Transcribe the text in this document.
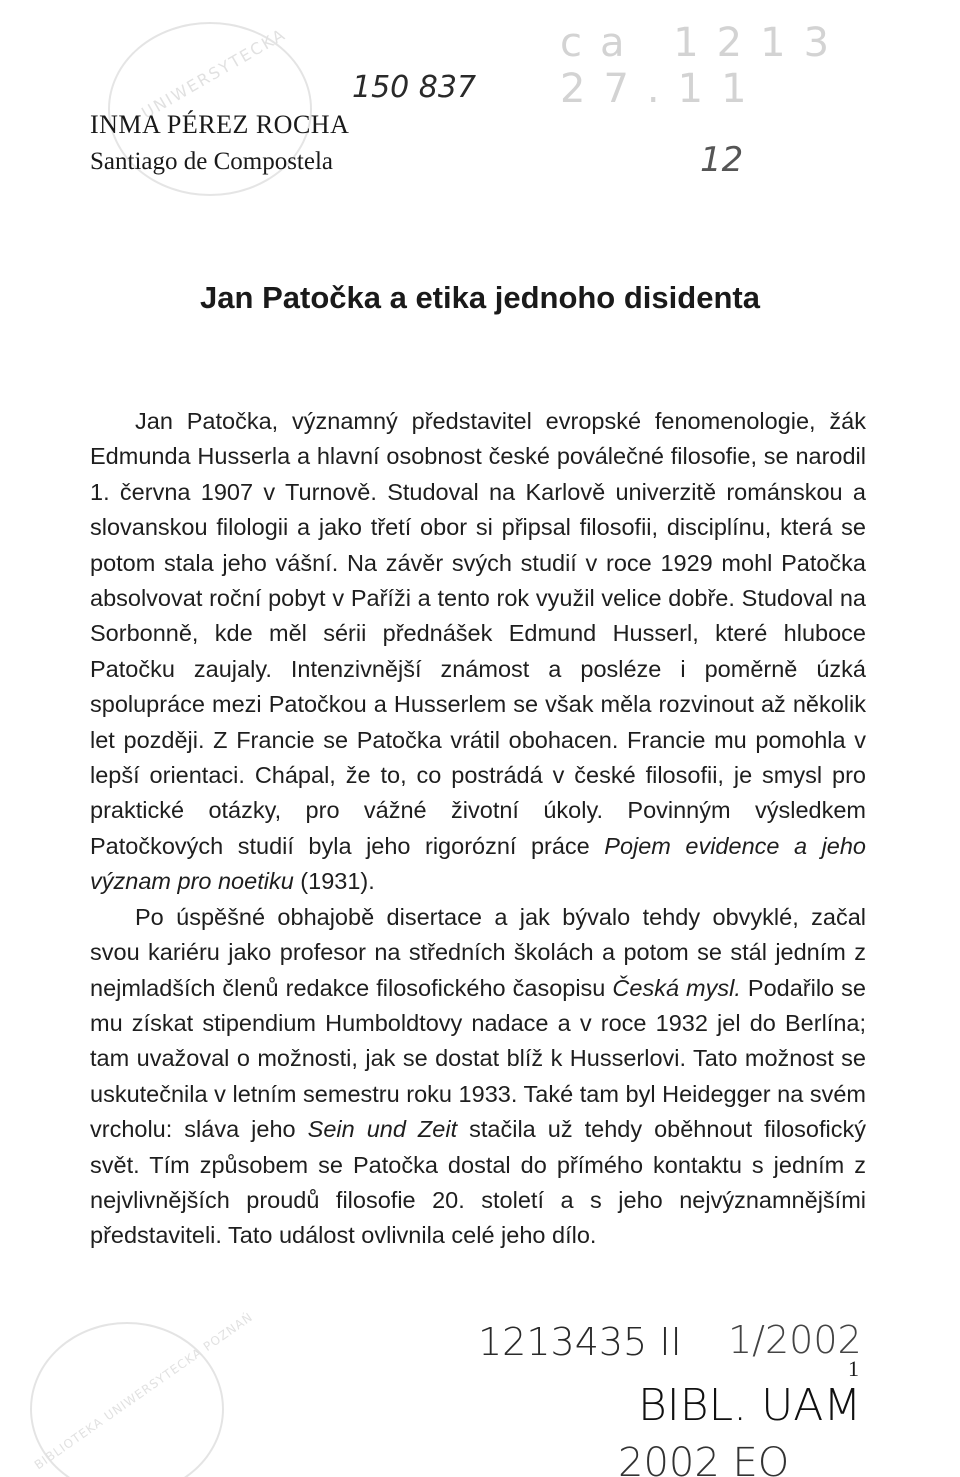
UNIWERSYTECKA
BIBLIOTEKA UNIWERSYTECKA POZNAŃ
150 837
12
ca 1213 27.11
INMA PÉREZ ROCHA
Santiago de Compostela
Jan Patočka a etika jednoho disidenta

Jan Patočka, významný představitel evropské fenomenologie, žák Edmunda Husserla a hlavní osobnost české poválečné filosofie, se narodil 1. června 1907 v Turnově. Studoval na Karlově univerzitě románskou a slovanskou filologii a jako třetí obor si připsal filosofii, disciplínu, která se potom stala jeho vášní. Na závěr svých studií v roce 1929 mohl Patočka absolvovat roční pobyt v Paříži a tento rok využil velice dobře. Studoval na Sorbonně, kde měl sérii přednášek Edmund Husserl, které hluboce Patočku zaujaly. Intenzivnější známost a posléze i poměrně úzká spolupráce mezi Patočkou a Husserlem se však měla rozvinout až několik let později. Z Francie se Patočka vrátil obohacen. Francie mu pomohla v lepší orientaci. Chápal, že to, co postrádá v české filosofii, je smysl pro praktické otázky, pro vážné životní úkoly. Povinným výsledkem Patočkových studií byla jeho rigorózní práce Pojem evidence a jeho význam pro noetiku (1931).

Po úspěšné obhajobě disertace a jak bývalo tehdy obvyklé, začal svou kariéru jako profesor na středních školách a potom se stál jedním z nejmladších členů redakce filosofického časopisu Česká mysl. Podařilo se mu získat stipendium Humboldtovy nadace a v roce 1932 jel do Berlína; tam uvažoval o možnosti, jak se dostat blíž k Husserlovi. Tato možnost se uskutečnila v letním semestru roku 1933. Také tam byl Heidegger na svém vrcholu: sláva jeho Sein und Zeit stačila už tehdy oběhnout filosofický svět. Tím způsobem se Patočka dostal do přímého kontaktu s jedním z nejvlivnějších proudů filosofie 20. století a s jeho nejvýznamnějšími představiteli. Tato událost ovlivnila celé jeho dílo.

1213435 II 1/2002
1
BIBL. UAM
2002 EO
